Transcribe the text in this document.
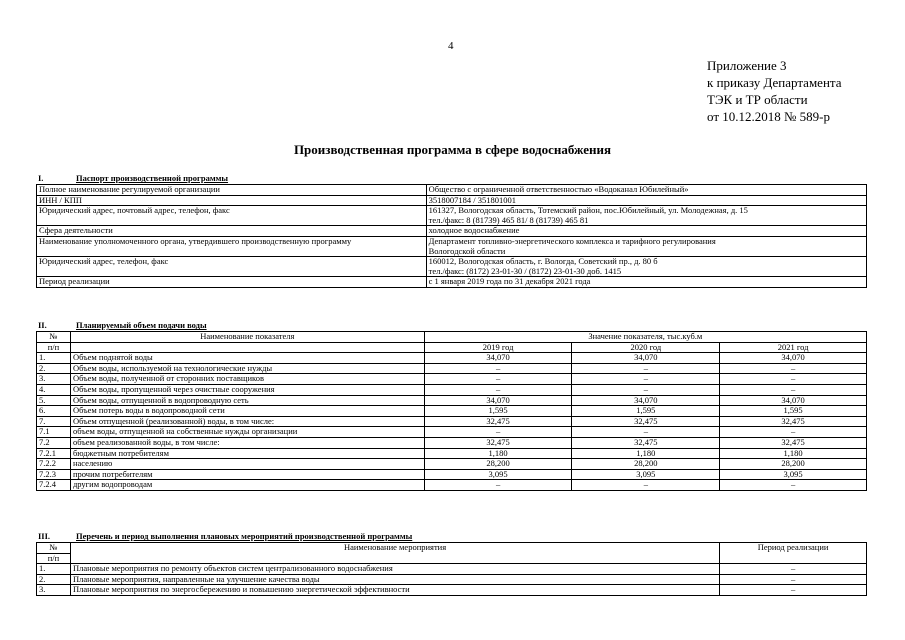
4
Приложение 3
к приказу Департамента
ТЭК и ТР области
от 10.12.2018 № 589-р
Производственная программа в сфере водоснабжения
I.	Паспорт производственной программы
Полное наименование регулируемой организации	Общество с ограниченной ответственностью «Водоканал Юбилейный»

ИНН / КПП	3518007184 / 351801001

Юридический адрес, почтовый адрес, телефон, факс	161327, Вологодская область, Тотемский район, пос.Юбилейный, ул. Молодежная, д. 15
тел./факс: 8 (81739) 465 81/ 8 (81739) 465 81

Сфера деятельности	холодное водоснабжение

Наименование уполномоченного органа, утвердившего производственную программу	Департамент топливно-энергетического комплекса и тарифного регулирования
Вологодской области

Юридический адрес, телефон, факс	160012, Вологодская область, г. Вологда, Советский пр., д. 80 б
тел./факс: (8172) 23-01-30 / (8172) 23-01-30 доб. 1415

Период реализации	с 1 января 2019 года по 31 декабря 2021 года
II.	Планируемый объем подачи воды
№	Наименование показателя	Значение показателя, тыс.куб.м		
п/п		2019 год	2020 год	2021 год
1.	Объем поднятой воды	34,070	34,070	34,070
2.	Объем воды, используемой на технологические нужды	–	–	–
3.	Объем воды, полученной от сторонних поставщиков	–	–	–
4.	Объем воды, пропущенной через очистные сооружения	–	–	–
5.	Объем воды, отпущенной в водопроводную сеть	34,070	34,070	34,070
6.	Объем потерь воды в водопроводной сети	1,595	1,595	1,595
7.	Объем отпущенной (реализованной) воды, в том числе:	32,475	32,475	32,475
7.1	объем воды, отпущенной на собственные нужды организации	–	–	–
7.2	объем реализованной воды, в том числе:	32,475	32,475	32,475
7.2.1	бюджетным потребителям	1,180	1,180	1,180
7.2.2	населению	28,200	28,200	28,200
7.2.3	прочим потребителям	3,095	3,095	3,095
7.2.4	другим водопроводам	–	–	–
III.	Перечень и период выполнения плановых мероприятий производственной программы
№	Наименование мероприятия	Период реализации
п/п		
1.	Плановые мероприятия по ремонту объектов систем централизованного водоснабжения	–
2.	Плановые мероприятия, направленные на улучшение качества воды	–
3.	Плановые мероприятия по энергосбережению и повышению энергетической эффективности	–
